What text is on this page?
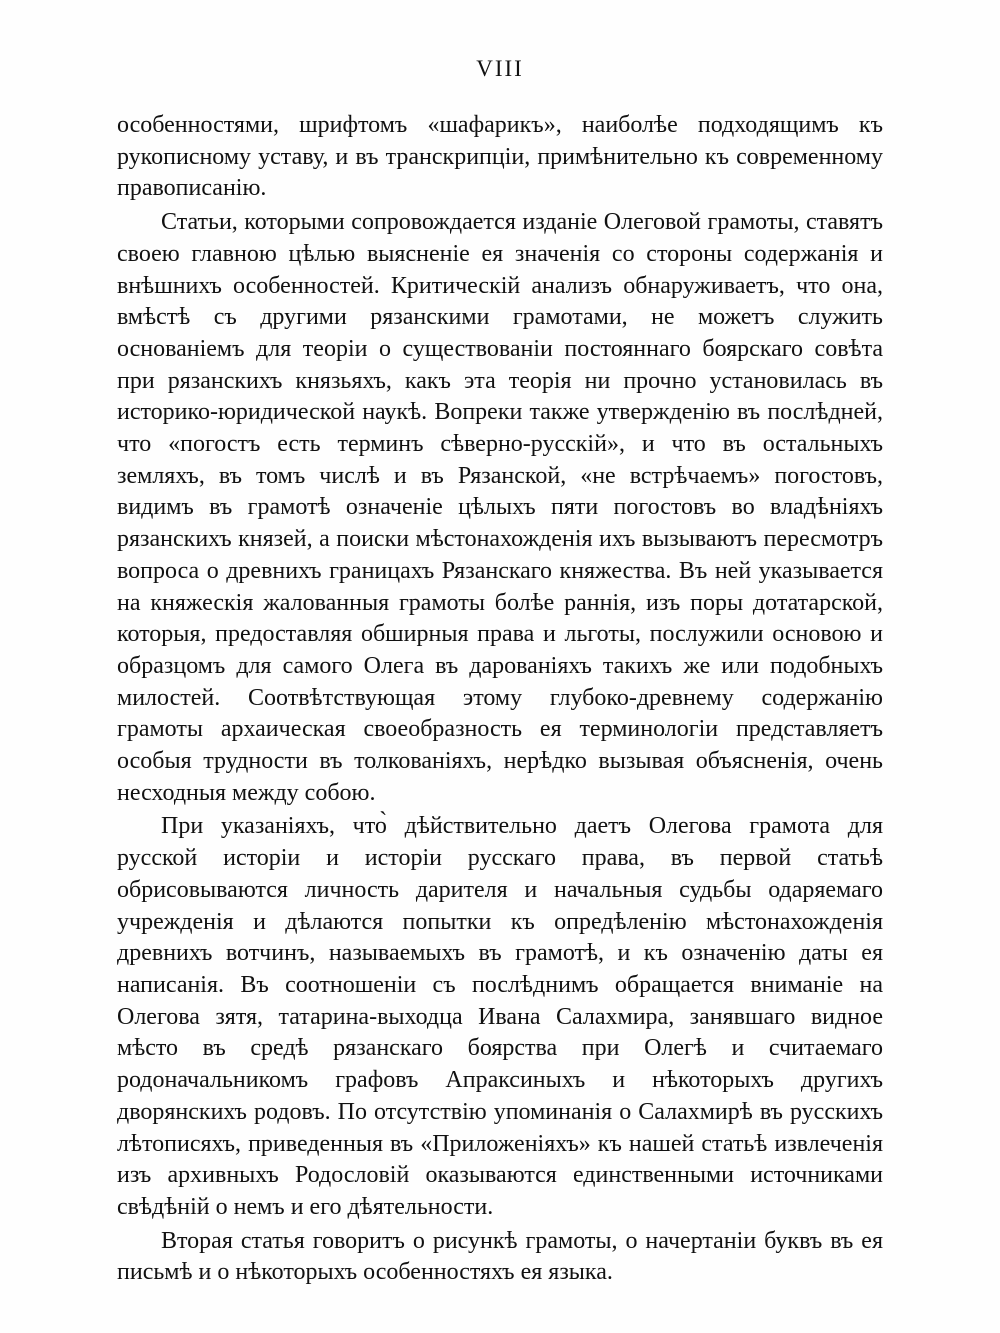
VIII

особенностями, шрифтомъ «шафарикъ», наиболѣе подходящимъ къ рукописному уставу, и въ транскрипціи, примѣнительно къ современному правописанію.

Статьи, которыми сопровождается изданіе Олеговой грамоты, ставятъ своею главною цѣлью выясненіе ея значенія со стороны содержанія и внѣшнихъ особенностей. Критическій анализъ обнаруживаетъ, что она, вмѣстѣ съ другими рязанскими грамотами, не можетъ служить основаніемъ для теоріи о существованіи постояннаго боярскаго совѣта при рязанскихъ князьяхъ, какъ эта теорія ни прочно установилась въ историко-юридической наукѣ. Вопреки также утвержденію въ послѣдней, что «погостъ есть терминъ сѣверно-русскій», и что въ остальныхъ земляхъ, въ томъ числѣ и въ Рязанской, «не встрѣчаемъ» погостовъ, видимъ въ грамотѣ означеніе цѣлыхъ пяти погостовъ во владѣніяхъ рязанскихъ князей, а поиски мѣстонахожденія ихъ вызываютъ пересмотръ вопроса о древнихъ границахъ Рязанскаго княжества. Въ ней указывается на княжескія жалованныя грамоты болѣе раннія, изъ поры дотатарской, которыя, предоставляя обширныя права и льготы, послужили основою и образцомъ для самого Олега въ дарованіяхъ такихъ же или подобныхъ милостей. Соотвѣтствующая этому глубоко-древнему содержанію грамоты архаическая своеобразность ея терминологіи представляетъ особыя трудности въ толкованіяхъ, нерѣдко вызывая объясненія, очень несходныя между собою.

При указаніяхъ, что̀ дѣйствительно даетъ Олегова грамота для русской исторіи и исторіи русскаго права, въ первой статьѣ обрисовываются личность дарителя и начальныя судьбы одаряемаго учрежденія и дѣлаются попытки къ опредѣленію мѣстонахожденія древнихъ вотчинъ, называемыхъ въ грамотѣ, и къ означенію даты ея написанія. Въ соотношеніи съ послѣднимъ обращается вниманіе на Олегова зятя, татарина-выходца Ивана Салахмира, занявшаго видное мѣсто въ средѣ рязанскаго боярства при Олегѣ и считаемаго родоначальникомъ графовъ Апраксиныхъ и нѣкоторыхъ другихъ дворянскихъ родовъ. По отсутствію упоминанія о Салахмирѣ въ русскихъ лѣтописяхъ, приведенныя въ «Приложеніяхъ» къ нашей статьѣ извлеченія изъ архивныхъ Родословій оказываются единственными источниками свѣдѣній о немъ и его дѣятельности.

Вторая статья говоритъ о рисункѣ грамоты, о начертаніи буквъ въ ея письмѣ и о нѣкоторыхъ особенностяхъ ея языка.
